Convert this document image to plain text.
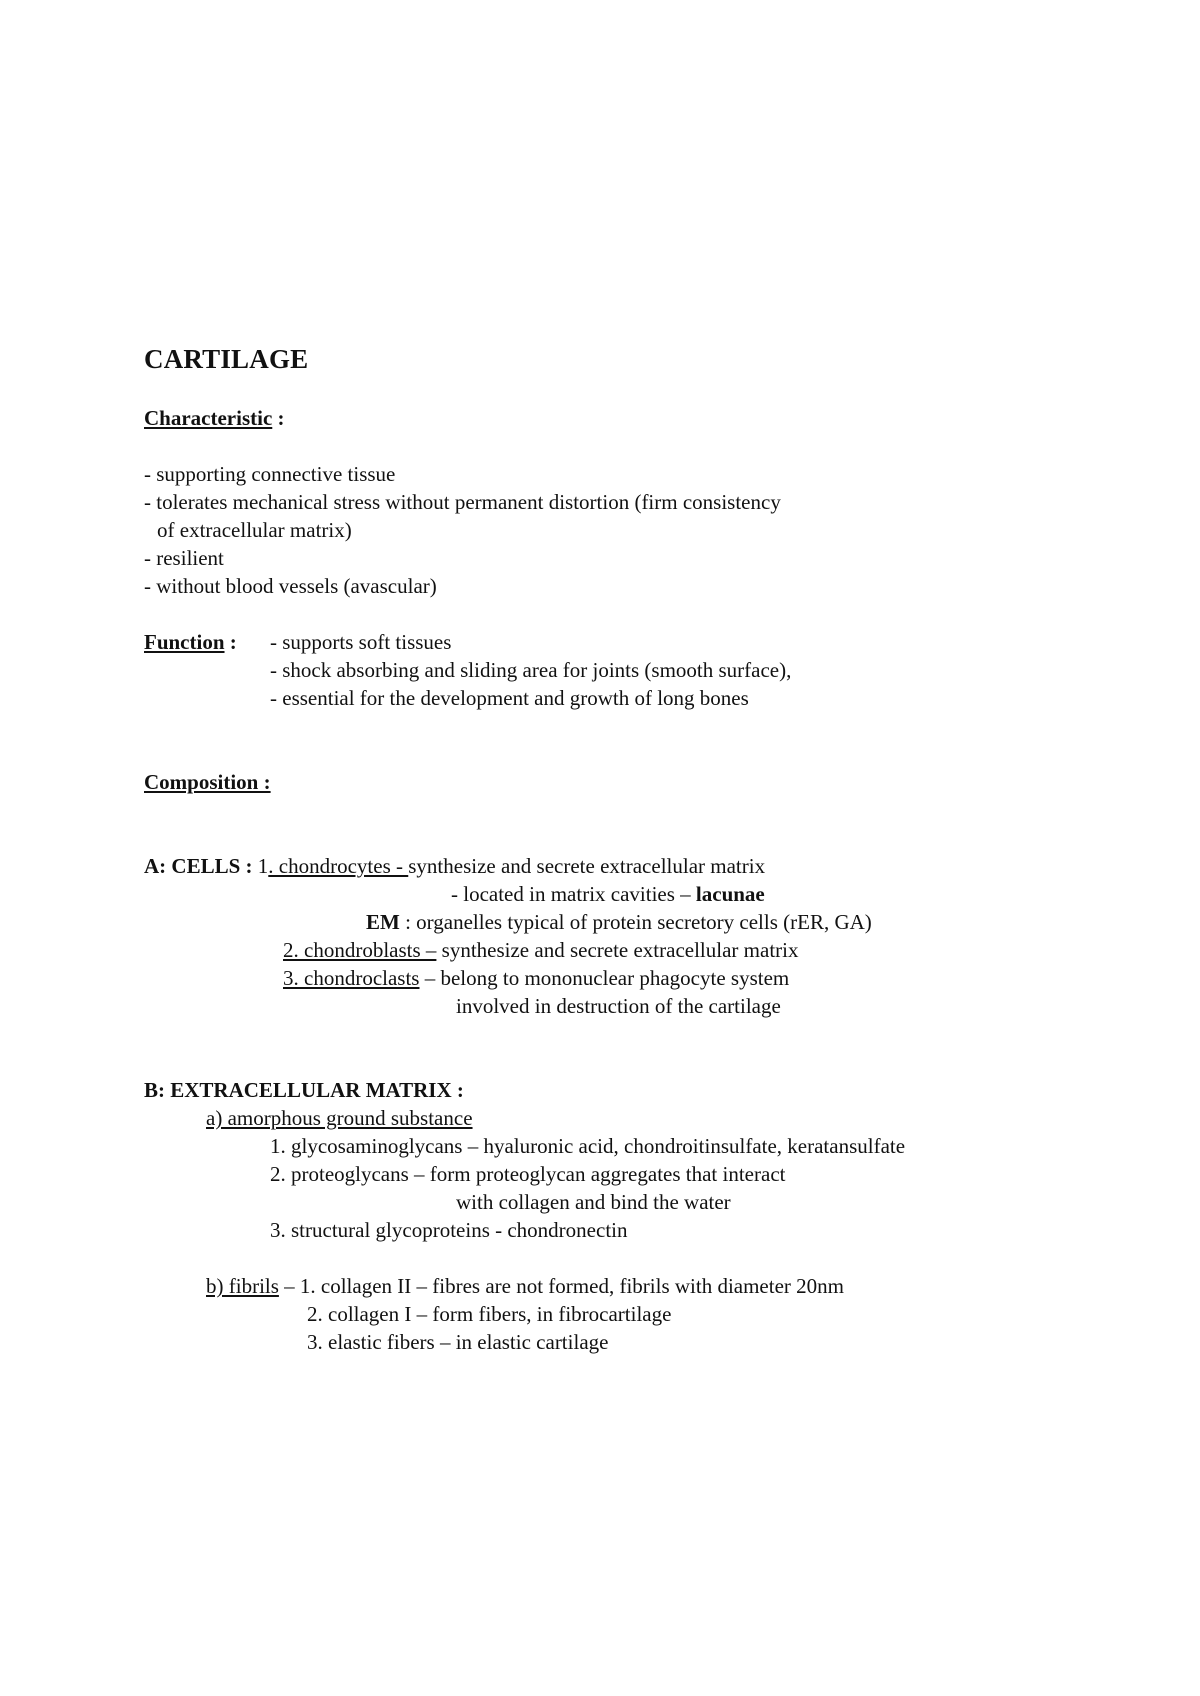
CARTILAGE
Characteristic :
- supporting connective tissue
- tolerates mechanical stress without permanent distortion (firm consistency
of extracellular matrix)
- resilient
- without blood vessels (avascular)
Function : - supports soft tissues
- shock absorbing and sliding area for joints (smooth surface),
- essential for the development and growth of long bones
Composition :
A: CELLS : 1. chondrocytes - synthesize and secrete extracellular matrix
- located in matrix cavities – lacunae
EM : organelles typical of protein secretory cells (rER, GA)
2. chondroblasts – synthesize and secrete extracellular matrix
3. chondroclasts – belong to mononuclear phagocyte system
involved in destruction of the cartilage
B: EXTRACELLULAR MATRIX :
a) amorphous ground substance
1. glycosaminoglycans – hyaluronic acid, chondroitinsulfate, keratansulfate
2. proteoglycans – form proteoglycan aggregates that interact
with collagen and bind the water
3. structural glycoproteins - chondronectin
b) fibrils – 1. collagen II – fibres are not formed, fibrils with diameter 20nm
2. collagen I – form fibers, in fibrocartilage
3. elastic fibers – in elastic cartilage
